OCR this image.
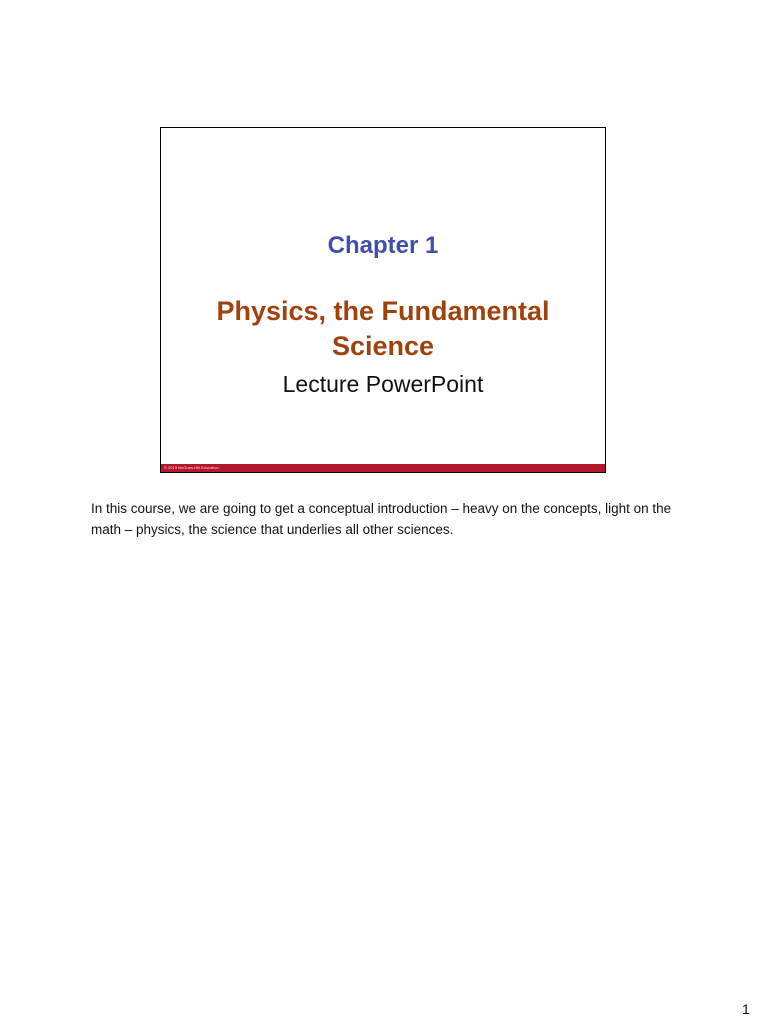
Chapter 1
Physics, the Fundamental Science
Lecture PowerPoint
© 2019 McGraw-Hill Education
In this course, we are going to get a conceptual introduction – heavy on the concepts, light on the math – physics, the science that underlies all other sciences.
1
